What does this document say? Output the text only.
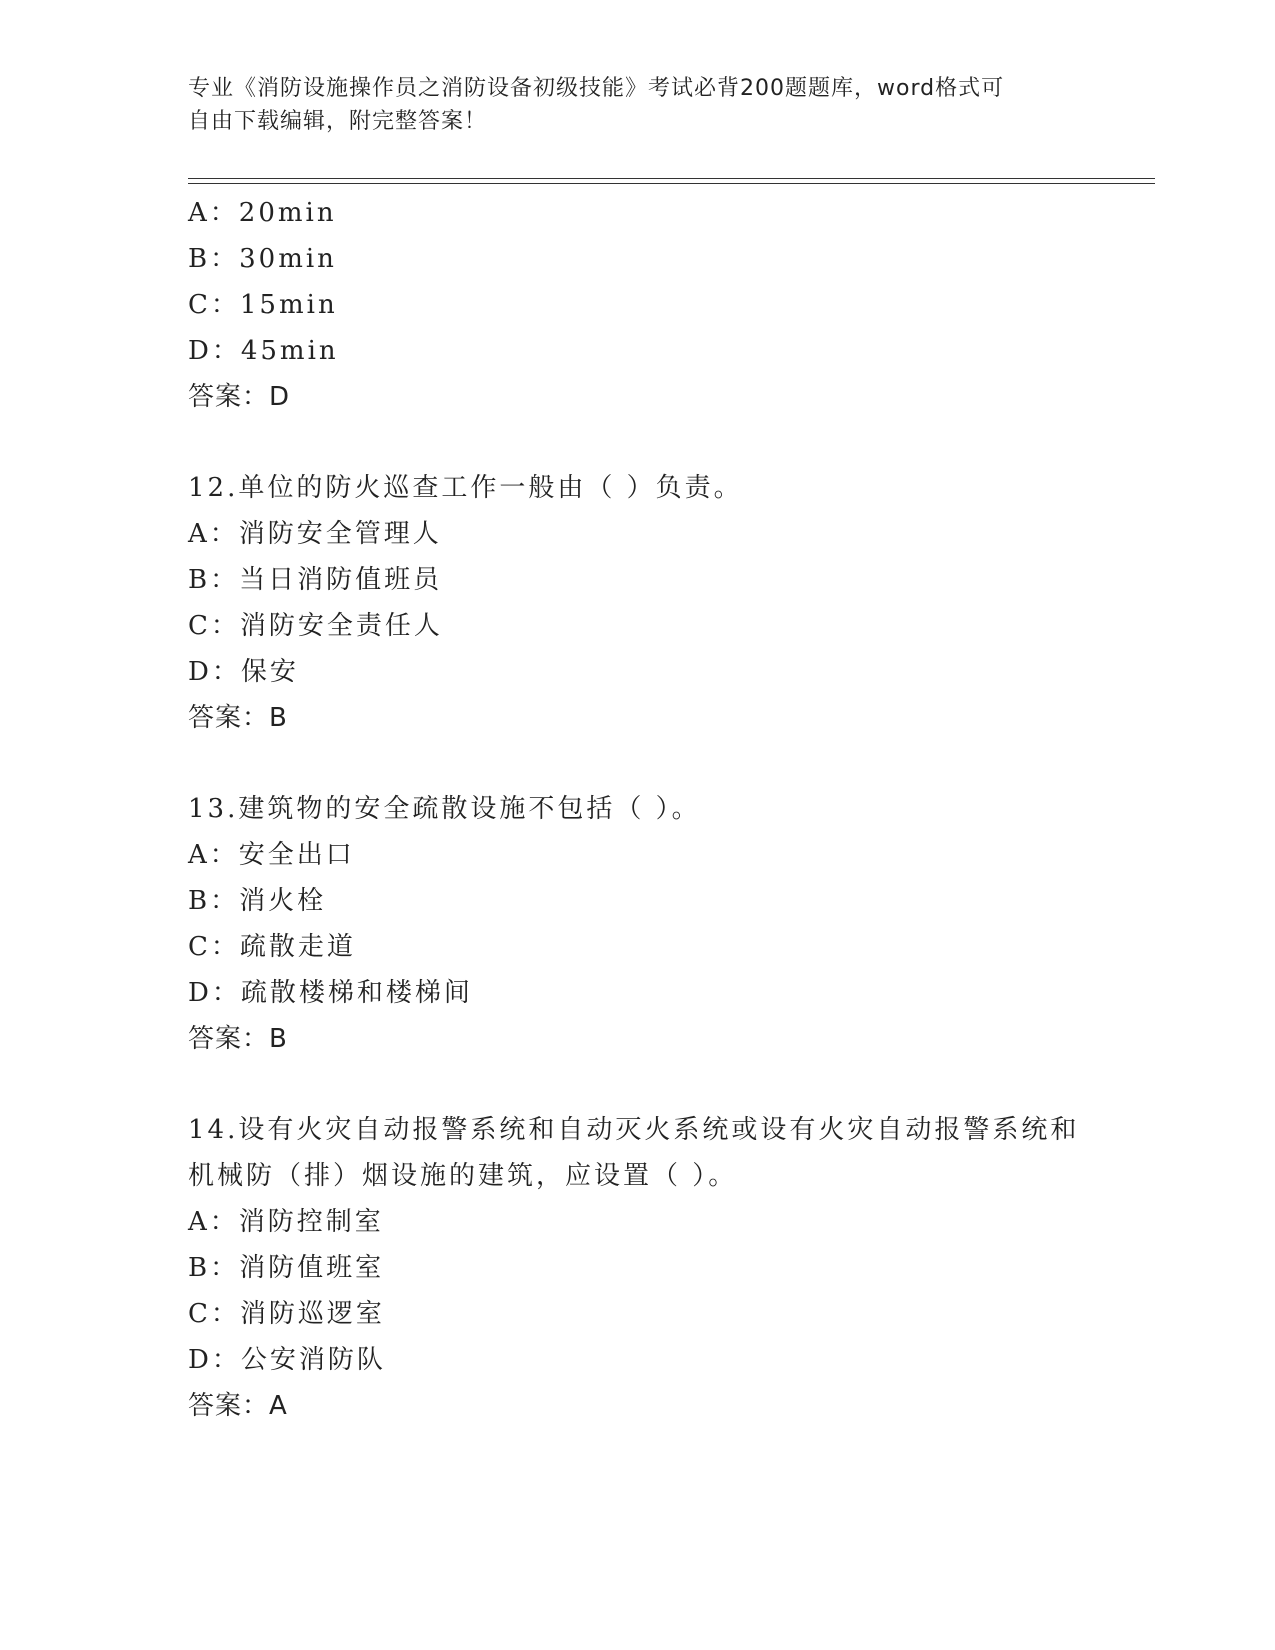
专业《消防设施操作员之消防设备初级技能》考试必背200题题库，word格式可
自由下载编辑，附完整答案！
A：20min
B：30min
C：15min
D：45min
答案：D
12.单位的防火巡查工作一般由（ ）负责。
A：消防安全管理人
B：当日消防值班员
C：消防安全责任人
D：保安
答案：B
13.建筑物的安全疏散设施不包括（ ）。
A：安全出口
B：消火栓
C：疏散走道
D：疏散楼梯和楼梯间
答案：B
14.设有火灾自动报警系统和自动灭火系统或设有火灾自动报警系统和
机械防（排）烟设施的建筑，应设置（ ）。
A：消防控制室
B：消防值班室
C：消防巡逻室
D：公安消防队
答案：A
